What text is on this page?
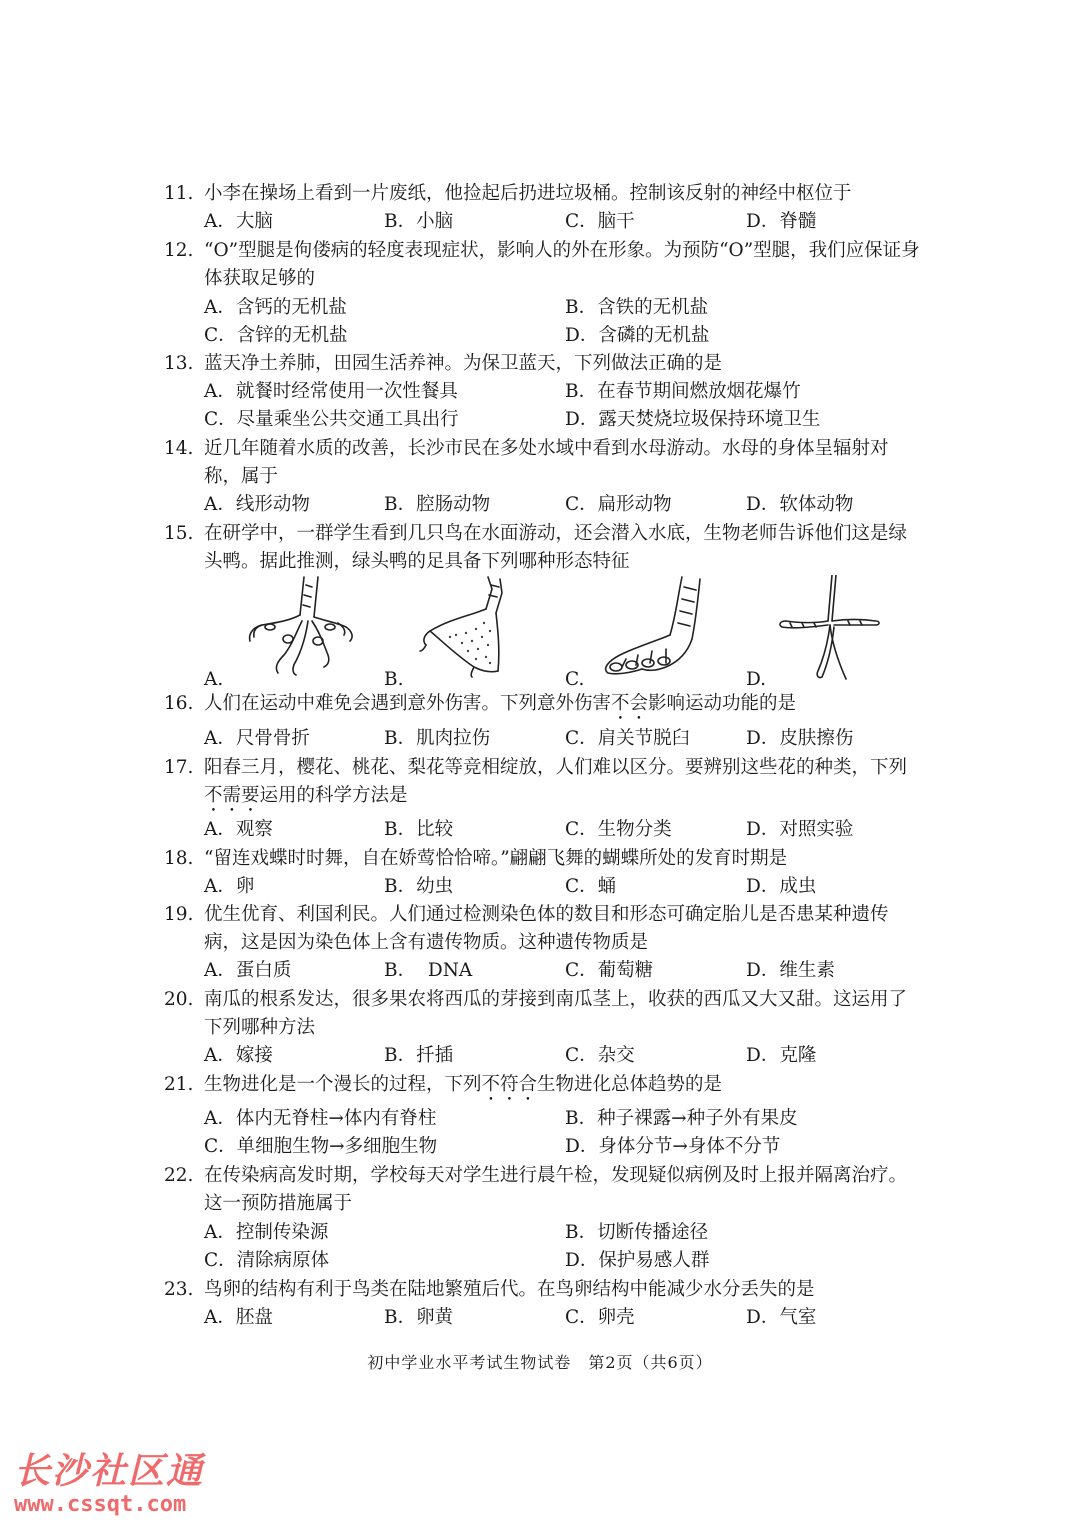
11. 小李在操场上看到一片废纸，他捡起后扔进垃圾桶。控制该反射的神经中枢位于
A．大脑	B．小脑	C．脑干	D．脊髓
12. “O”型腿是佝偻病的轻度表现症状，影响人的外在形象。为预防“O”型腿，我们应保证身体获取足够的
A．含钙的无机盐	B．含铁的无机盐
C．含锌的无机盐	D．含磷的无机盐
13. 蓝天净土养肺，田园生活养神。为保卫蓝天，下列做法正确的是
A．就餐时经常使用一次性餐具	B．在春节期间燃放烟花爆竹
C．尽量乘坐公共交通工具出行	D．露天焚烧垃圾保持环境卫生
14. 近几年随着水质的改善，长沙市民在多处水域中看到水母游动。水母的身体呈辐射对称，属于
A．线形动物	B．腔肠动物	C．扁形动物	D．软体动物
15. 在研学中，一群学生看到几只鸟在水面游动，还会潜入水底，生物老师告诉他们这是绿头鸭。据此推测，绿头鸭的足具备下列哪种形态特征
A.	B.	C.	D.
16. 人们在运动中难免会遇到意外伤害。下列意外伤害不会影响运动功能的是
A．尺骨骨折	B．肌肉拉伤	C．肩关节脱臼	D．皮肤擦伤
17. 阳春三月，樱花、桃花、梨花等竞相绽放，人们难以区分。要辨别这些花的种类，下列不需要运用的科学方法是
A．观察	B．比较	C．生物分类	D．对照实验
18. “留连戏蝶时时舞，自在娇莺恰恰啼。”翩翩飞舞的蝴蝶所处的发育时期是
A．卵	B．幼虫	C．蛹	D．成虫
19. 优生优育、利国利民。人们通过检测染色体的数目和形态可确定胎儿是否患某种遗传病，这是因为染色体上含有遗传物质。这种遗传物质是
A．蛋白质	B．  DNA	C．葡萄糖	D．维生素
20. 南瓜的根系发达，很多果农将西瓜的芽接到南瓜茎上，收获的西瓜又大又甜。这运用了下列哪种方法
A．嫁接	B．扦插	C．杂交	D．克隆
21. 生物进化是一个漫长的过程，下列不符合生物进化总体趋势的是
A．体内无脊柱→体内有脊柱	B．种子裸露→种子外有果皮
C．单细胞生物→多细胞生物	D．身体分节→身体不分节
22. 在传染病高发时期，学校每天对学生进行晨午检，发现疑似病例及时上报并隔离治疗。这一预防措施属于
A．控制传染源	B．切断传播途径
C．清除病原体	D．保护易感人群
23. 鸟卵的结构有利于鸟类在陆地繁殖后代。在鸟卵结构中能减少水分丢失的是
A．胚盘	B．卵黄	C．卵壳	D．气室
初中学业水平考试生物试卷　第2页（共6页）
长沙社区通
www.cssqt.com
